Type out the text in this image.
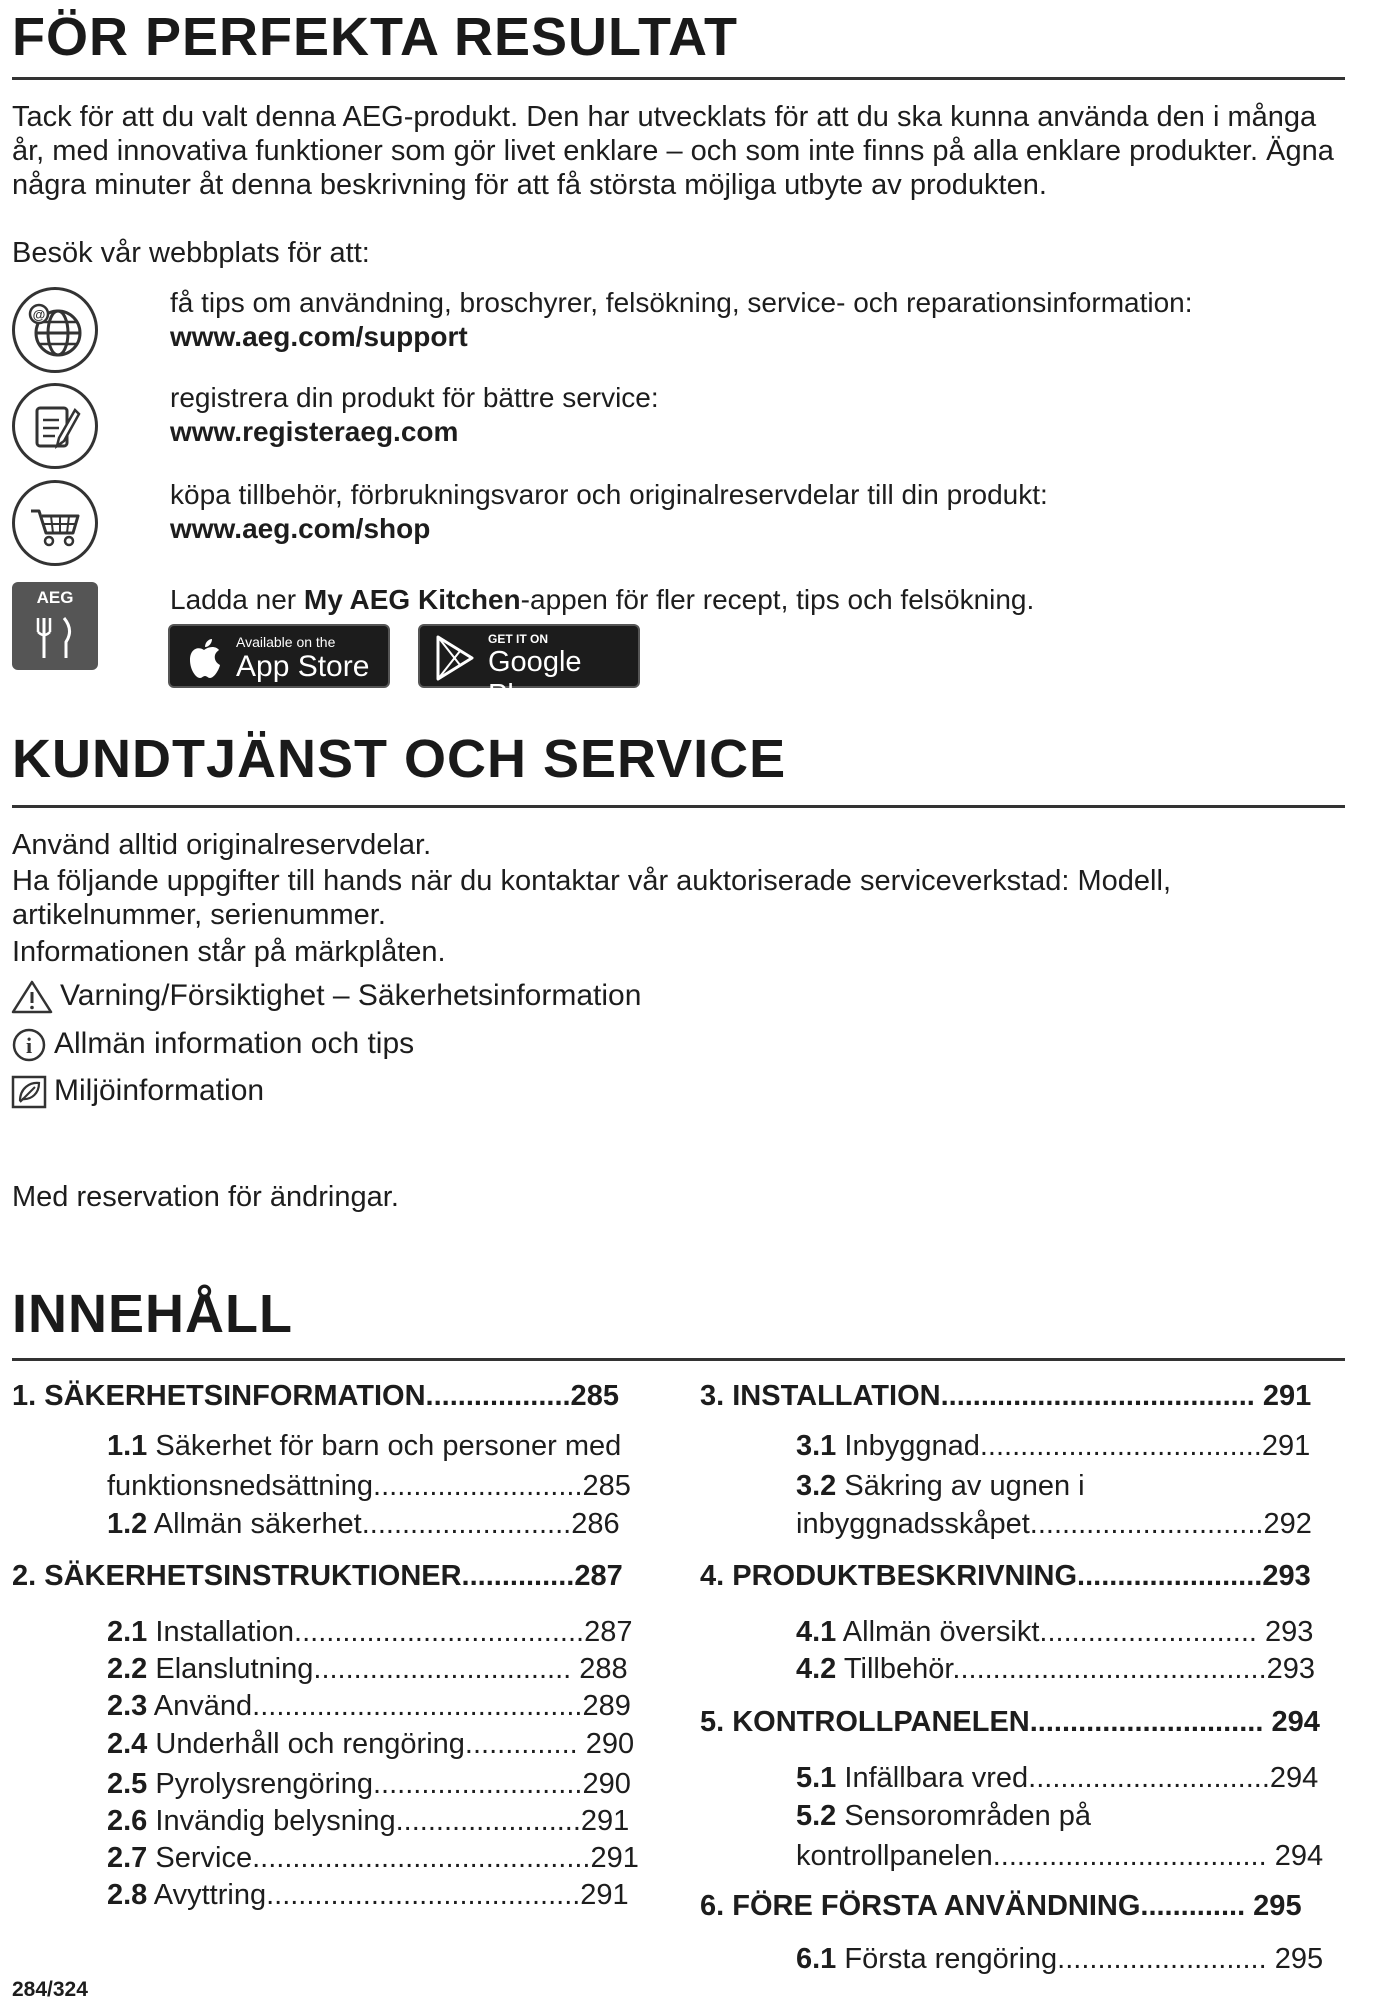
FÖR PERFEKTA RESULTAT

Tack för att du valt denna AEG-produkt. Den har utvecklats för att du ska kunna använda den i många år, med innovativa funktioner som gör livet enklare – och som inte finns på alla enklare produkter. Ägna några minuter åt denna beskrivning för att få största möjliga utbyte av produkten.

Besök vår webbplats för att:

@	få tips om användning, broschyrer, felsökning, service- och reparationsinformation:
www.aeg.com/support
registrera din produkt för bättre service:
www.registeraeg.com
köpa tillbehör, förbrukningsvaror och originalreservdelar till din produkt:
www.aeg.com/shop
AEG	Ladda ner My AEG Kitchen-appen för fler recept, tips och felsökning.
Available on the
App Store
GET IT ON
Google Play
KUNDTJÄNST OCH SERVICE

Använd alltid originalreservdelar.

Ha följande uppgifter till hands när du kontaktar vår auktoriserade serviceverkstad: Modell, artikelnummer, serienummer.

Informationen står på märkplåten.

Varning/Försiktighet – Säkerhetsinformation
i Allmän information och tips
Miljöinformation

Med reservation för ändringar.

INNEHÅLL
1. SÄKERHETSINFORMATION..................285
1.1 Säkerhet för barn och personer med
funktionsnedsättning..........................285
1.2 Allmän säkerhet..........................286
2. SÄKERHETSINSTRUKTIONER..............287
2.1 Installation....................................287
2.2 Elanslutning................................ 288
2.3 Använd.........................................289
2.4 Underhåll och rengöring.............. 290
2.5 Pyrolysrengöring..........................290
2.6 Invändig belysning.......................291
2.7 Service..........................................291
2.8 Avyttring.......................................291
3. INSTALLATION....................................... 291
3.1 Inbyggnad...................................291
3.2 Säkring av ugnen i
inbyggnadsskåpet.............................292
4. PRODUKTBESKRIVNING.......................293
4.1 Allmän översikt........................... 293
4.2 Tillbehör.......................................293
5. KONTROLLPANELEN............................. 294
5.1 Infällbara vred..............................294
5.2 Sensorområden på
kontrollpanelen.................................. 294
6. FÖRE FÖRSTA ANVÄNDNING............. 295
6.1 Första rengöring.......................... 295
284/324
